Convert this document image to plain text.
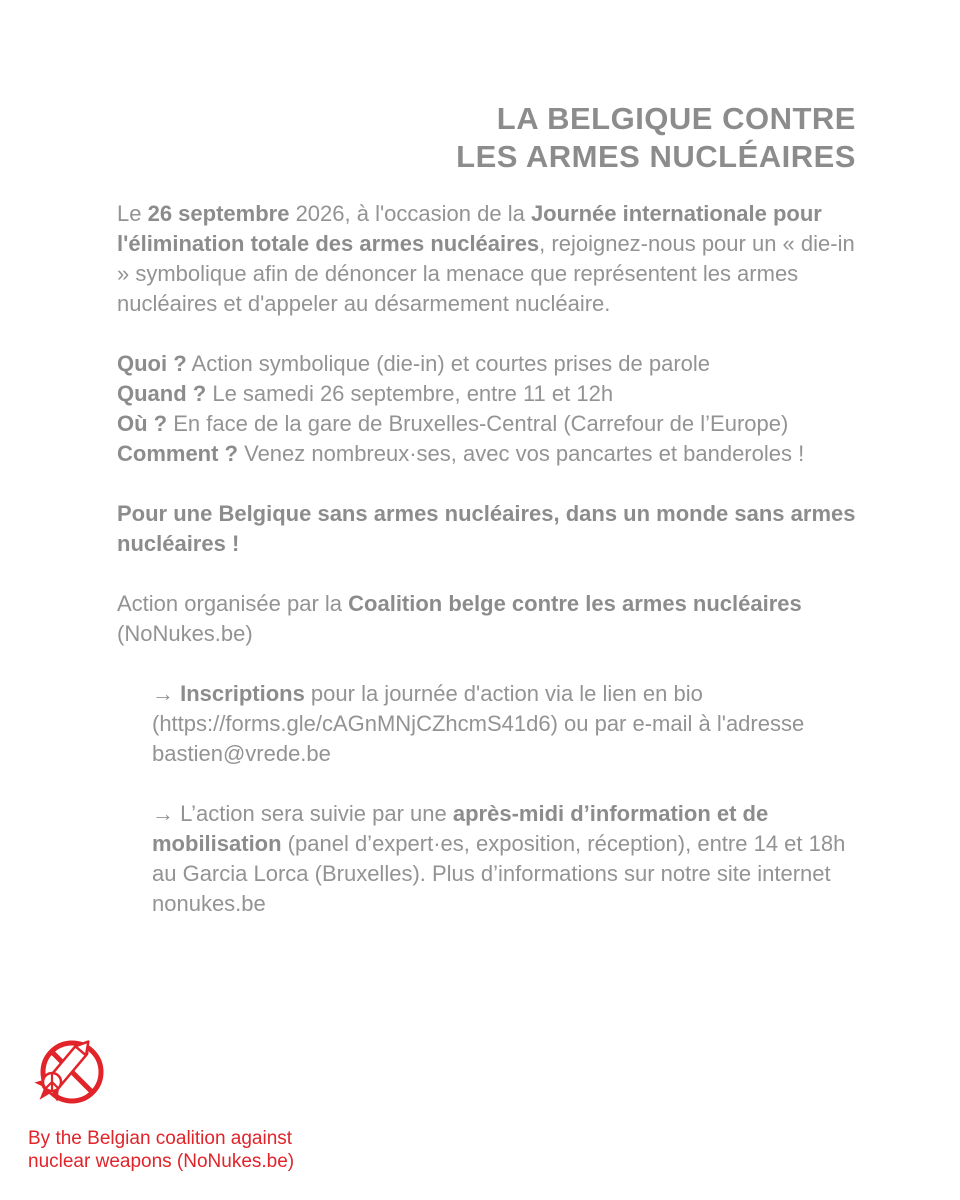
LA BELGIQUE CONTRE
LES ARMES NUCLÉAIRES

Le 26 septembre 2026, à l'occasion de la Journée internationale pour l'élimination totale des armes nucléaires, rejoignez-nous pour un « die-in » symbolique afin de dénoncer la menace que représentent les armes nucléaires et d'appeler au désarmement nucléaire.

Quoi ? Action symbolique (die-in) et courtes prises de parole

Quand ? Le samedi 26 septembre, entre 11 et 12h

Où ? En face de la gare de Bruxelles-Central (Carrefour de l’Europe)

Comment ? Venez nombreux·ses, avec vos pancartes et banderoles !

Pour une Belgique sans armes nucléaires, dans un monde sans armes nucléaires !

Action organisée par la Coalition belge contre les armes nucléaires (NoNukes.be)

→ Inscriptions pour la journée d'action via le lien en bio (https://forms.gle/cAGnMNjCZhcmS41d6) ou par e-mail à l'adresse bastien@vrede.be

→ L’action sera suivie par une après-midi d’information et de mobilisation (panel d’expert·es, exposition, réception), entre 14 et 18h au Garcia Lorca (Bruxelles). Plus d’informations sur notre site internet nonukes.be

By the Belgian coalition against
nuclear weapons (NoNukes.be)
